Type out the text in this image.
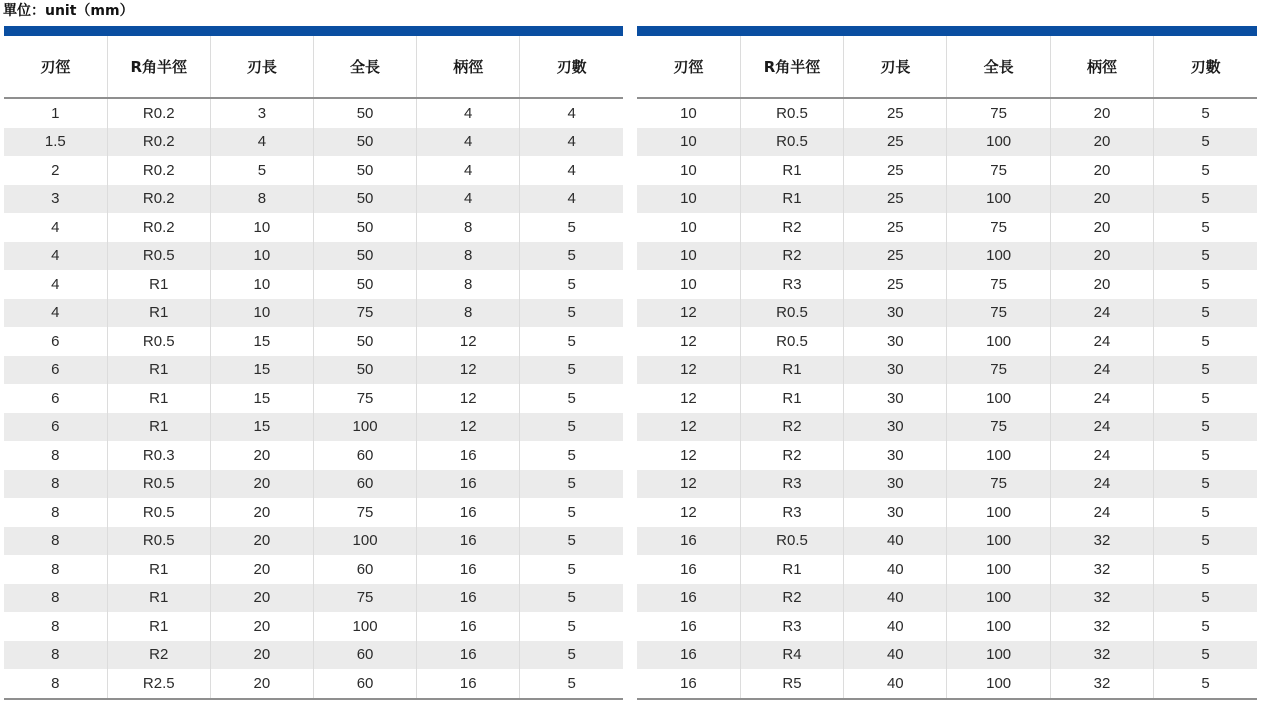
單位：unit（mm）
刃徑	R角半徑	刃長	全長	柄徑	刃數
1	R0.2	3	50	4	4
1.5	R0.2	4	50	4	4
2	R0.2	5	50	4	4
3	R0.2	8	50	4	4
4	R0.2	10	50	8	5
4	R0.5	10	50	8	5
4	R1	10	50	8	5
4	R1	10	75	8	5
6	R0.5	15	50	12	5
6	R1	15	50	12	5
6	R1	15	75	12	5
6	R1	15	100	12	5
8	R0.3	20	60	16	5
8	R0.5	20	60	16	5
8	R0.5	20	75	16	5
8	R0.5	20	100	16	5
8	R1	20	60	16	5
8	R1	20	75	16	5
8	R1	20	100	16	5
8	R2	20	60	16	5
8	R2.5	20	60	16	5
刃徑	R角半徑	刃長	全長	柄徑	刃數
10	R0.5	25	75	20	5
10	R0.5	25	100	20	5
10	R1	25	75	20	5
10	R1	25	100	20	5
10	R2	25	75	20	5
10	R2	25	100	20	5
10	R3	25	75	20	5
12	R0.5	30	75	24	5
12	R0.5	30	100	24	5
12	R1	30	75	24	5
12	R1	30	100	24	5
12	R2	30	75	24	5
12	R2	30	100	24	5
12	R3	30	75	24	5
12	R3	30	100	24	5
16	R0.5	40	100	32	5
16	R1	40	100	32	5
16	R2	40	100	32	5
16	R3	40	100	32	5
16	R4	40	100	32	5
16	R5	40	100	32	5
